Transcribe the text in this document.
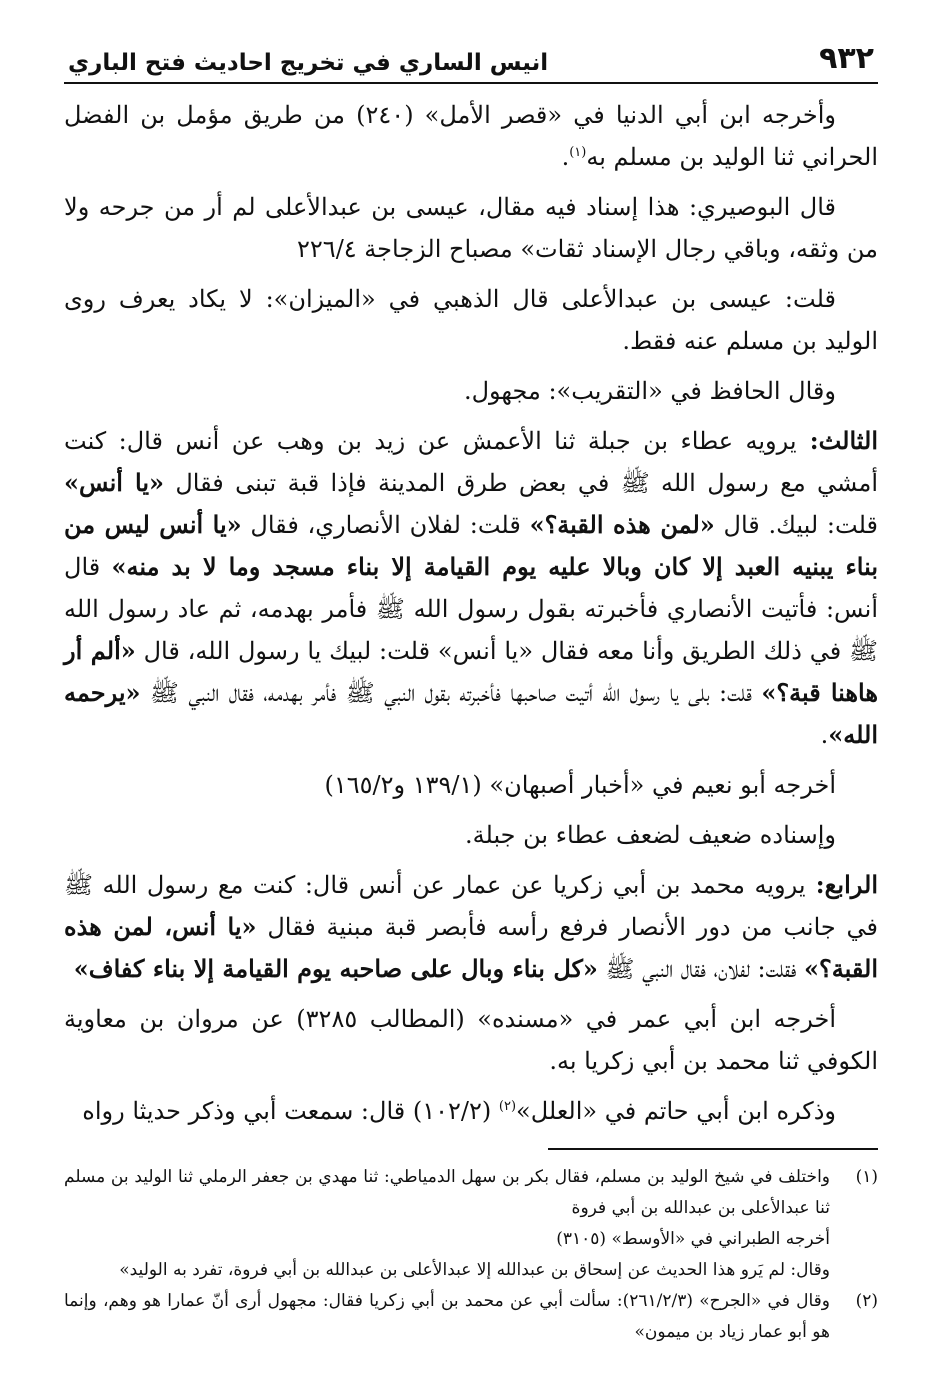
٩٣٢
انيس الساري في تخريج احاديث فتح الباري

وأخرجه ابن أبي الدنيا في «قصر الأمل» (٢٤٠) من طريق مؤمل بن الفضل الحراني ثنا الوليد بن مسلم به$^{(١)}$.

قال البوصيري: هذا إسناد فيه مقال، عيسى بن عبدالأعلى لم أر من جرحه ولا من وثقه، وباقي رجال الإسناد ثقات» مصباح الزجاجة ٢٢٦/٤

قلت: عيسى بن عبدالأعلى قال الذهبي في «الميزان»: لا يكاد يعرف روى الوليد بن مسلم عنه فقط.

وقال الحافظ في «التقريب»: مجهول.

الثالث: يرويه عطاء بن جبلة ثنا الأعمش عن زيد بن وهب عن أنس قال: كنت أمشي مع رسول الله ﷺ في بعض طرق المدينة فإذا قبة تبنى فقال «يا أنس» قلت: لبيك. قال «لمن هذه القبة؟» قلت: لفلان الأنصاري، فقال «يا أنس ليس من بناء يبنيه العبد إلا كان وبالا عليه يوم القيامة إلا بناء مسجد وما لا بد منه» قال أنس: فأتيت الأنصاري فأخبرته بقول رسول الله ﷺ فأمر بهدمه، ثم عاد رسول الله ﷺ في ذلك الطريق وأنا معه فقال «يا أنس» قلت: لبيك يا رسول الله، قال «ألم أر هاهنا قبة؟» قلت: بلى يا رسول الله أتيت صاحبها فأخبرته بقول النبي ﷺ فأمر بهدمه، فقال النبي ﷺ «يرحمه الله».

أخرجه أبو نعيم في «أخبار أصبهان» (١٣٩/١ و١٦٥/٢)

وإسناده ضعيف لضعف عطاء بن جبلة.

الرابع: يرويه محمد بن أبي زكريا عن عمار عن أنس قال: كنت مع رسول الله ﷺ في جانب من دور الأنصار فرفع رأسه فأبصر قبة مبنية فقال «يا أنس، لمن هذه القبة؟» فقلت: لفلان، فقال النبي ﷺ «كل بناء وبال على صاحبه يوم القيامة إلا بناء كفاف»

أخرجه ابن أبي عمر في «مسنده» (المطالب ٣٢٨٥) عن مروان بن معاوية الكوفي ثنا محمد بن أبي زكريا به.

وذكره ابن أبي حاتم في «العلل»$^{(٢)}$ (١٠٢/٢) قال: سمعت أبي وذكر حديثا رواه

(١)
واختلف في شيخ الوليد بن مسلم، فقال بكر بن سهل الدمياطي: ثنا مهدي بن جعفر الرملي ثنا الوليد بن مسلم ثنا عبدالأعلى بن عبدالله بن أبي فروة
أخرجه الطبراني في «الأوسط» (٣١٠٥)
وقال: لم يَرو هذا الحديث عن إسحاق بن عبدالله إلا عبدالأعلى بن عبدالله بن أبي فروة، تفرد به الوليد»
(٢)
وقال في «الجرح» (٢٦١/٢/٣): سألت أبي عن محمد بن أبي زكريا فقال: مجهول أرى أنّ عمارا هو وهم، وإنما هو أبو عمار زياد بن ميمون»
